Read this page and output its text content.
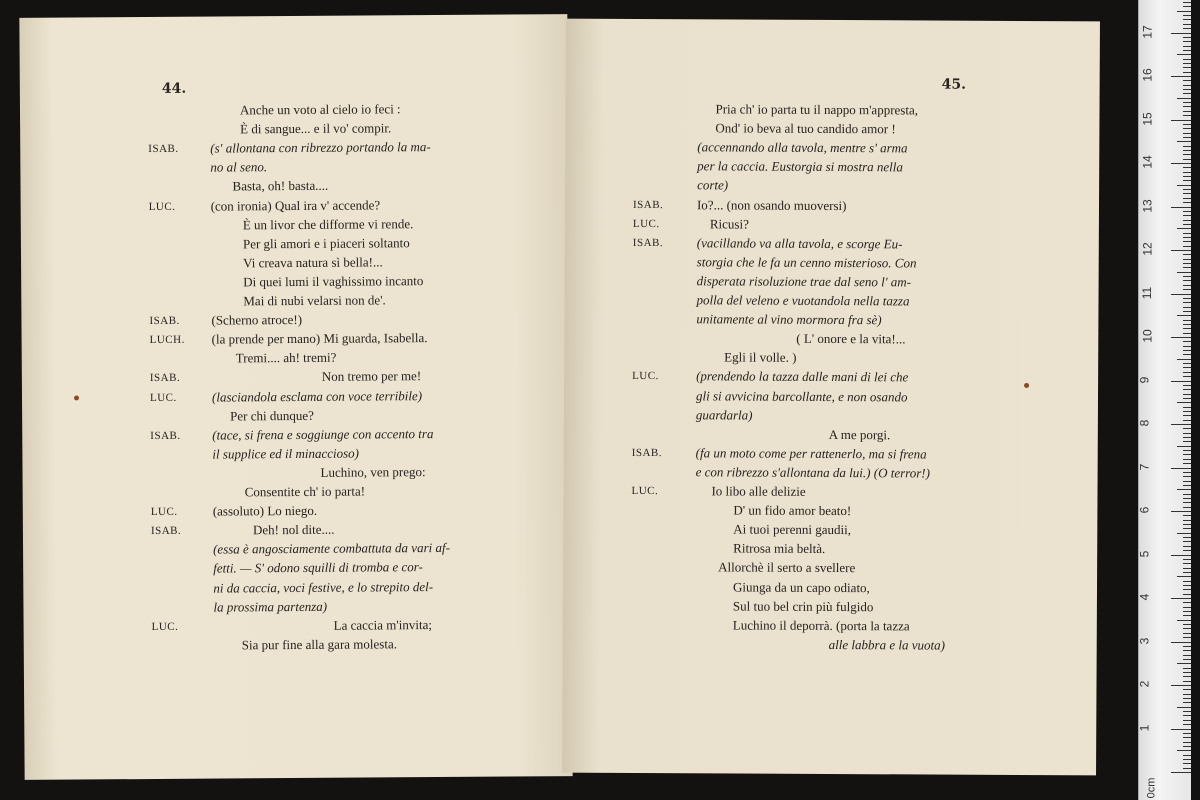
44.
Anche un voto al cielo io feci :
È di sangue... e il vo' compir.
ISAB. (s' allontana con ribrezzo portando la ma-
no al seno.
Basta, oh! basta....
LUC.	(con ironia) Qual ira v' accende?
È un livor che difforme vi rende.
Per gli amori e i piaceri soltanto
Vi creava natura sì bella!...
Di quei lumi il vaghissimo incanto
Mai di nubi velarsi non de'.
ISAB. (Scherno atroce!)
LUCH. (la prende per mano) Mi guarda, Isabella.
Tremi.... ah! tremi?
ISAB.	Non tremo per me!
LUC.	(lasciandola esclama con voce terribile)
Per chi dunque?
ISAB. (tace, si frena e soggiunge con accento tra
il supplice ed il minaccioso)
Luchino, ven prego:
Consentite ch' io parta!
LUC.	(assoluto) Lo niego.
ISAB.	Deh! nol dite....
(essa è angosciamente combattuta da vari af-
fetti. — S' odono squilli di tromba e cor-
ni da caccia, voci festive, e lo strepito del-
la prossima partenza)
LUC.	La caccia m'invita;
Sia pur fine alla gara molesta.
45.
Pria ch' io parta tu il nappo m'appresta,
Ond' io beva al tuo candido amor !
(accennando alla tavola, mentre s' arma
per la caccia. Eustorgia si mostra nella
corte)
ISAB.	Io?... (non osando muoversi)
LUC.	Ricusi?
ISAB.	(vacillando va alla tavola, e scorge Eu-
storgia che le fa un cenno misterioso. Con
disperata risoluzione trae dal seno l' am-
polla del veleno e vuotandola nella tazza
unitamente al vino mormora fra sè)
( L' onore e la vita!...
Egli il volle. )
LUC.	(prendendo la tazza dalle mani di lei che
gli si avvicina barcollante, e non osando
guardarla)
A me porgi.
ISAB.	(fa un moto come per rattenerlo, ma si frena
e con ribrezzo s'allontana da lui.) (O terror!)
LUC.	Io libo alle delizie
D' un fido amor beato!
Ai tuoi perenni gaudii,
Ritrosa mia beltà.
Allorchè il serto a svellere
Giunga da un capo odiato,
Sul tuo bel crin più fulgido
Luchino il deporrà. (porta la tazza
alle labbra e la vuota)
1
2
3
4
5
6
7
8
9
10
11
12
13
14
15
16
17
0cm
